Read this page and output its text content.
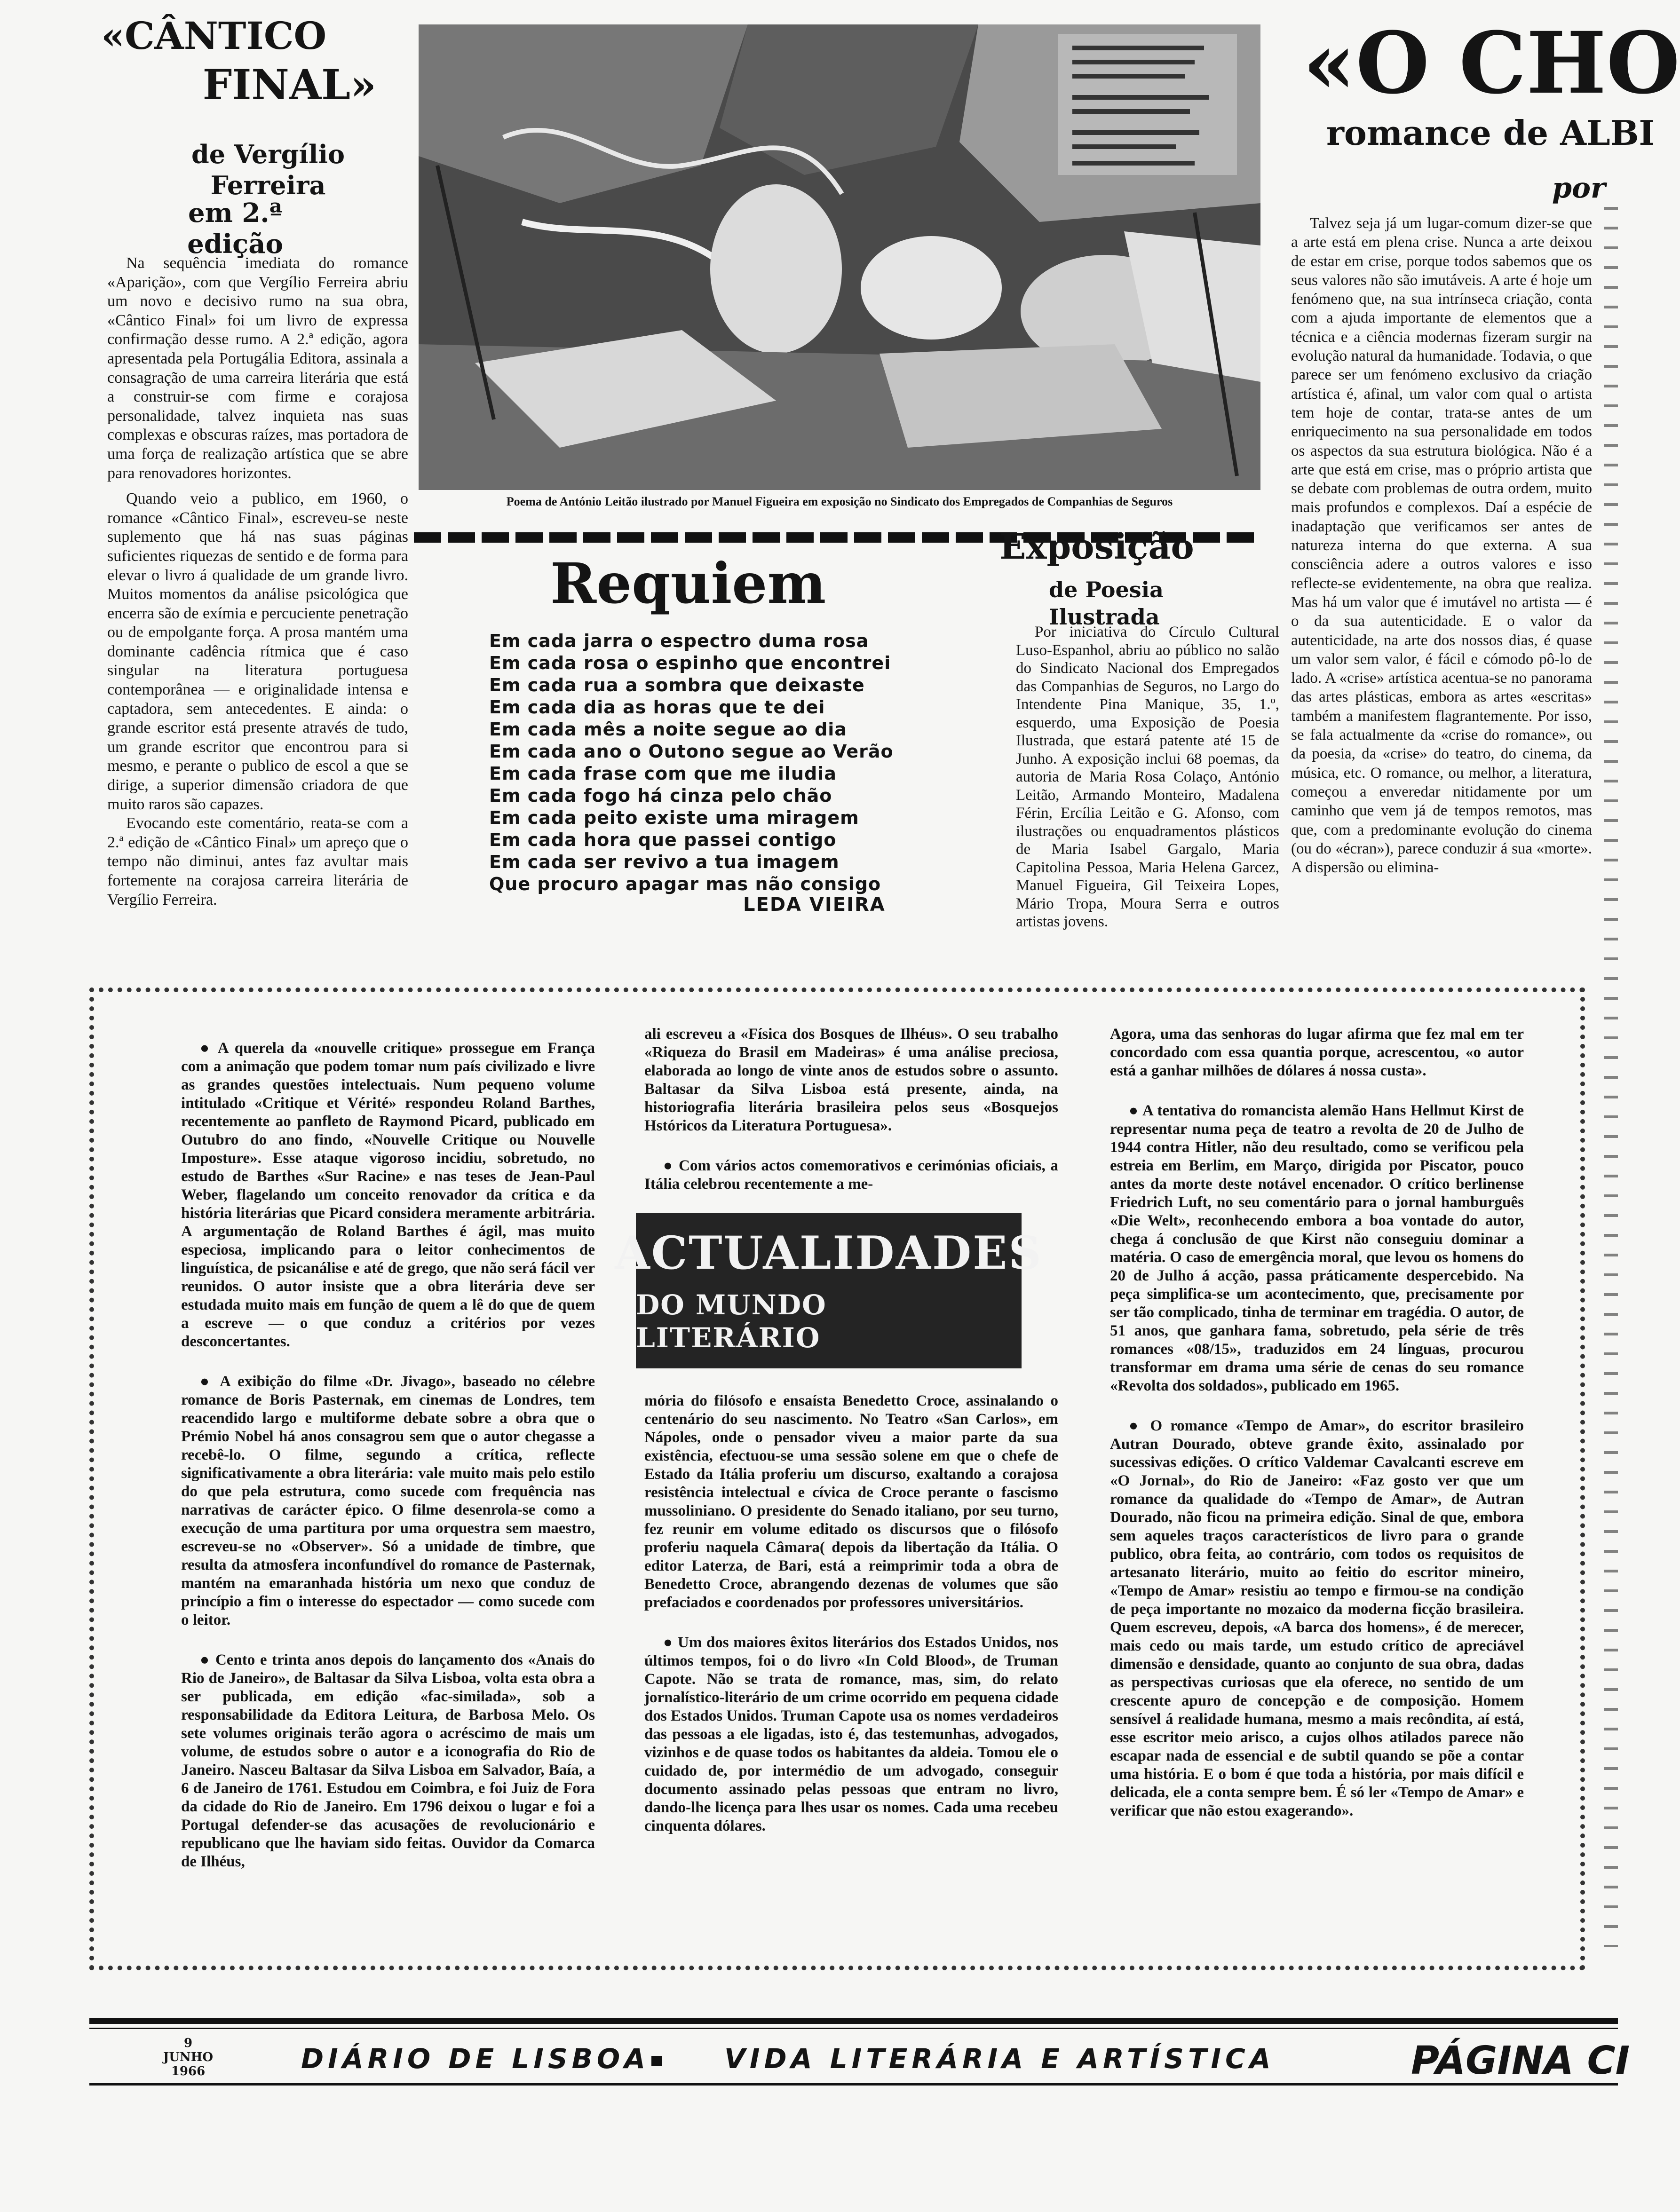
«CÂNTICO
FINAL»
de Vergílio Ferreira
em 2.ª edição

Na sequência imediata do romance «Aparição», com que Vergílio Ferreira abriu um novo e decisivo rumo na sua obra, «Cântico Final» foi um livro de expressa confirmação desse rumo. A 2.ª edição, agora apresentada pela Portugália Editora, assinala a consagração de uma carreira literária que está a construir-se com firme e corajosa personalidade, talvez inquieta nas suas complexas e obscuras raízes, mas portadora de uma força de realização artística que se abre para renovadores horizontes.

Quando veio a publico, em 1960, o romance «Cântico Final», escreveu-se neste suplemento que há nas suas páginas suficientes riquezas de sentido e de forma para elevar o livro á qualidade de um grande livro. Muitos momentos da análise psicológica que encerra são de exímia e percuciente penetração ou de empolgante força. A prosa mantém uma dominante cadência rítmica que é caso singular na literatura portuguesa contemporânea — e originalidade intensa e captadora, sem antecedentes. E ainda: o grande escritor está presente através de tudo, um grande escritor que encontrou para si mesmo, e perante o publico de escol a que se dirige, a superior dimensão criadora de que muito raros são capazes.

Evocando este comentário, reata-se com a 2.ª edição de «Cântico Final» um apreço que o tempo não diminui, antes faz avultar mais fortemente na corajosa carreira literária de Vergílio Ferreira.

Poema de António Leitão ilustrado por Manuel Figueira em exposição no Sindicato dos Empregados de Companhias de Seguros
Requiem
Em cada jarra o espectro duma rosa
Em cada rosa o espinho que encontrei
Em cada rua a sombra que deixaste
Em cada dia as horas que te dei
Em cada mês a noite segue ao dia
Em cada ano o Outono segue ao Verão
Em cada frase com que me iludia
Em cada fogo há cinza pelo chão
Em cada peito existe uma miragem
Em cada hora que passei contigo
Em cada ser revivo a tua imagem
Que procuro apagar mas não consigo
LEDA VIEIRA
Exposição
de Poesia Ilustrada

Por iniciativa do Círculo Cultural Luso-Espanhol, abriu ao público no salão do Sindicato Nacional dos Empregados das Companhias de Seguros, no Largo do Intendente Pina Manique, 35, 1.º, esquerdo, uma Exposição de Poesia Ilustrada, que estará patente até 15 de Junho. A exposição inclui 68 poemas, da autoria de Maria Rosa Colaço, António Leitão, Armando Monteiro, Madalena Férin, Ercília Leitão e G. Afonso, com ilustrações ou enquadramentos plásticos de Maria Isabel Gargalo, Maria Capitolina Pessoa, Maria Helena Garcez, Manuel Figueira, Gil Teixeira Lopes, Mário Tropa, Moura Serra e outros artistas jovens.

«O CHO
romance de ALBI
por

Talvez seja já um lugar-comum dizer-se que a arte está em plena crise. Nunca a arte deixou de estar em crise, porque todos sabemos que os seus valores não são imutáveis. A arte é hoje um fenómeno que, na sua intrínseca criação, conta com a ajuda importante de elementos que a técnica e a ciência modernas fizeram surgir na evolução natural da humanidade. Todavia, o que parece ser um fenómeno exclusivo da criação artística é, afinal, um valor com qual o artista tem hoje de contar, trata-se antes de um enriquecimento na sua personalidade em todos os aspectos da sua estrutura biológica. Não é a arte que está em crise, mas o próprio artista que se debate com problemas de outra ordem, muito mais profundos e complexos. Daí a espécie de inadaptação que verificamos ser antes de natureza interna do que externa. A sua consciência adere a outros valores e isso reflecte-se evidentemente, na obra que realiza. Mas há um valor que é imutável no artista — é o da sua autenticidade. E o valor da autenticidade, na arte dos nossos dias, é quase um valor sem valor, é fácil e cómodo pô-lo de lado. A «crise» artística acentua-se no panorama das artes plásticas, embora as artes «escritas» também a manifestem flagrantemente. Por isso, se fala actualmente da «crise do romance», ou da poesia, da «crise» do teatro, do cinema, da música, etc. O romance, ou melhor, a literatura, começou a enveredar nitidamente por um caminho que vem já de tempos remotos, mas que, com a predominante evolução do cinema (ou do «écran»), parece conduzir á sua «morte». A dispersão ou elimina-

● A querela da «nouvelle critique» prossegue em França com a animação que podem tomar num país civilizado e livre as grandes questões intelectuais. Num pequeno volume intitulado «Critique et Vérité» respondeu Roland Barthes, recentemente ao panfleto de Raymond Picard, publicado em Outubro do ano findo, «Nouvelle Critique ou Nouvelle Imposture». Esse ataque vigoroso incidiu, sobretudo, no estudo de Barthes «Sur Racine» e nas teses de Jean-Paul Weber, flagelando um conceito renovador da crítica e da história literárias que Picard considera meramente arbitrária. A argumentação de Roland Barthes é ágil, mas muito especiosa, implicando para o leitor conhecimentos de linguística, de psicanálise e até de grego, que não será fácil ver reunidos. O autor insiste que a obra literária deve ser estudada muito mais em função de quem a lê do que de quem a escreve — o que conduz a critérios por vezes desconcertantes.

● A exibição do filme «Dr. Jivago», baseado no célebre romance de Boris Pasternak, em cinemas de Londres, tem reacendido largo e multiforme debate sobre a obra que o Prémio Nobel há anos consagrou sem que o autor chegasse a recebê-lo. O filme, segundo a crítica, reflecte significativamente a obra literária: vale muito mais pelo estilo do que pela estrutura, como sucede com frequência nas narrativas de carácter épico. O filme desenrola-se como a execução de uma partitura por uma orquestra sem maestro, escreveu-se no «Observer». Só a unidade de timbre, que resulta da atmosfera inconfundível do romance de Pasternak, mantém na emaranhada história um nexo que conduz de princípio a fim o interesse do espectador — como sucede com o leitor.

● Cento e trinta anos depois do lançamento dos «Anais do Rio de Janeiro», de Baltasar da Silva Lisboa, volta esta obra a ser publicada, em edição «fac-similada», sob a responsabilidade da Editora Leitura, de Barbosa Melo. Os sete volumes originais terão agora o acréscimo de mais um volume, de estudos sobre o autor e a iconografia do Rio de Janeiro. Nasceu Baltasar da Silva Lisboa em Salvador, Baía, a 6 de Janeiro de 1761. Estudou em Coimbra, e foi Juiz de Fora da cidade do Rio de Janeiro. Em 1796 deixou o lugar e foi a Portugal defender-se das acusações de revolucionário e republicano que lhe haviam sido feitas. Ouvidor da Comarca de Ilhéus,

ali escreveu a «Física dos Bosques de Ilhéus». O seu trabalho «Riqueza do Brasil em Madeiras» é uma análise preciosa, elaborada ao longo de vinte anos de estudos sobre o assunto. Baltasar da Silva Lisboa está presente, ainda, na historiografia literária brasileira pelos seus «Bosquejos Hstóricos da Literatura Portuguesa».

● Com vários actos comemorativos e cerimónias oficiais, a Itália celebrou recentemente a me-

ACTUALIDADES
DO MUNDO LITERÁRIO

mória do filósofo e ensaísta Benedetto Croce, assinalando o centenário do seu nascimento. No Teatro «San Carlos», em Nápoles, onde o pensador viveu a maior parte da sua existência, efectuou-se uma sessão solene em que o chefe de Estado da Itália proferiu um discurso, exaltando a corajosa resistência intelectual e cívica de Croce perante o fascismo mussoliniano. O presidente do Senado italiano, por seu turno, fez reunir em volume editado os discursos que o filósofo proferiu naquela Câmara( depois da libertação da Itália. O editor Laterza, de Bari, está a reimprimir toda a obra de Benedetto Croce, abrangendo dezenas de volumes que são prefaciados e coordenados por professores universitários.

● Um dos maiores êxitos literários dos Estados Unidos, nos últimos tempos, foi o do livro «In Cold Blood», de Truman Capote. Não se trata de romance, mas, sim, do relato jornalístico-literário de um crime ocorrido em pequena cidade dos Estados Unidos. Truman Capote usa os nomes verdadeiros das pessoas a ele ligadas, isto é, das testemunhas, advogados, vizinhos e de quase todos os habitantes da aldeia. Tomou ele o cuidado de, por intermédio de um advogado, conseguir documento assinado pelas pessoas que entram no livro, dando-lhe licença para lhes usar os nomes. Cada uma recebeu cinquenta dólares.

Agora, uma das senhoras do lugar afirma que fez mal em ter concordado com essa quantia porque, acrescentou, «o autor está a ganhar milhões de dólares á nossa custa».

● A tentativa do romancista alemão Hans Hellmut Kirst de representar numa peça de teatro a revolta de 20 de Julho de 1944 contra Hitler, não deu resultado, como se verificou pela estreia em Berlim, em Março, dirigida por Piscator, pouco antes da morte deste notável encenador. O crítico berlinense Friedrich Luft, no seu comentário para o jornal hamburguês «Die Welt», reconhecendo embora a boa vontade do autor, chega á conclusão de que Kirst não conseguiu dominar a matéria. O caso de emergência moral, que levou os homens do 20 de Julho á acção, passa práticamente despercebido. Na peça simplifica-se um acontecimento, que, precisamente por ser tão complicado, tinha de terminar em tragédia. O autor, de 51 anos, que ganhara fama, sobretudo, pela série de três romances «08/15», traduzidos em 24 línguas, procurou transformar em drama uma série de cenas do seu romance «Revolta dos soldados», publicado em 1965.

● O romance «Tempo de Amar», do escritor brasileiro Autran Dourado, obteve grande êxito, assinalado por sucessivas edições. O crítico Valdemar Cavalcanti escreve em «O Jornal», do Rio de Janeiro: «Faz gosto ver que um romance da qualidade do «Tempo de Amar», de Autran Dourado, não ficou na primeira edição. Sinal de que, embora sem aqueles traços característicos de livro para o grande publico, obra feita, ao contrário, com todos os requisitos de artesanato literário, muito ao feitio do escritor mineiro, «Tempo de Amar» resistiu ao tempo e firmou-se na condição de peça importante no mozaico da moderna ficção brasileira. Quem escreveu, depois, «A barca dos homens», é de merecer, mais cedo ou mais tarde, um estudo crítico de apreciável dimensão e densidade, quanto ao conjunto de sua obra, dadas as perspectivas curiosas que ela oferece, no sentido de um crescente apuro de concepção e de composição. Homem sensível á realidade humana, mesmo a mais recôndita, aí está, esse escritor meio arisco, a cujos olhos atilados parece não escapar nada de essencial e de subtil quando se põe a contar uma história. E o bom é que toda a história, por mais difícil e delicada, ele a conta sempre bem. É só ler «Tempo de Amar» e verificar que não estou exagerando».

9
JUNHO
1966	DIÁRIO DE LISBOA	VIDA LITERÁRIA E ARTÍSTICA	PÁGINA CI
